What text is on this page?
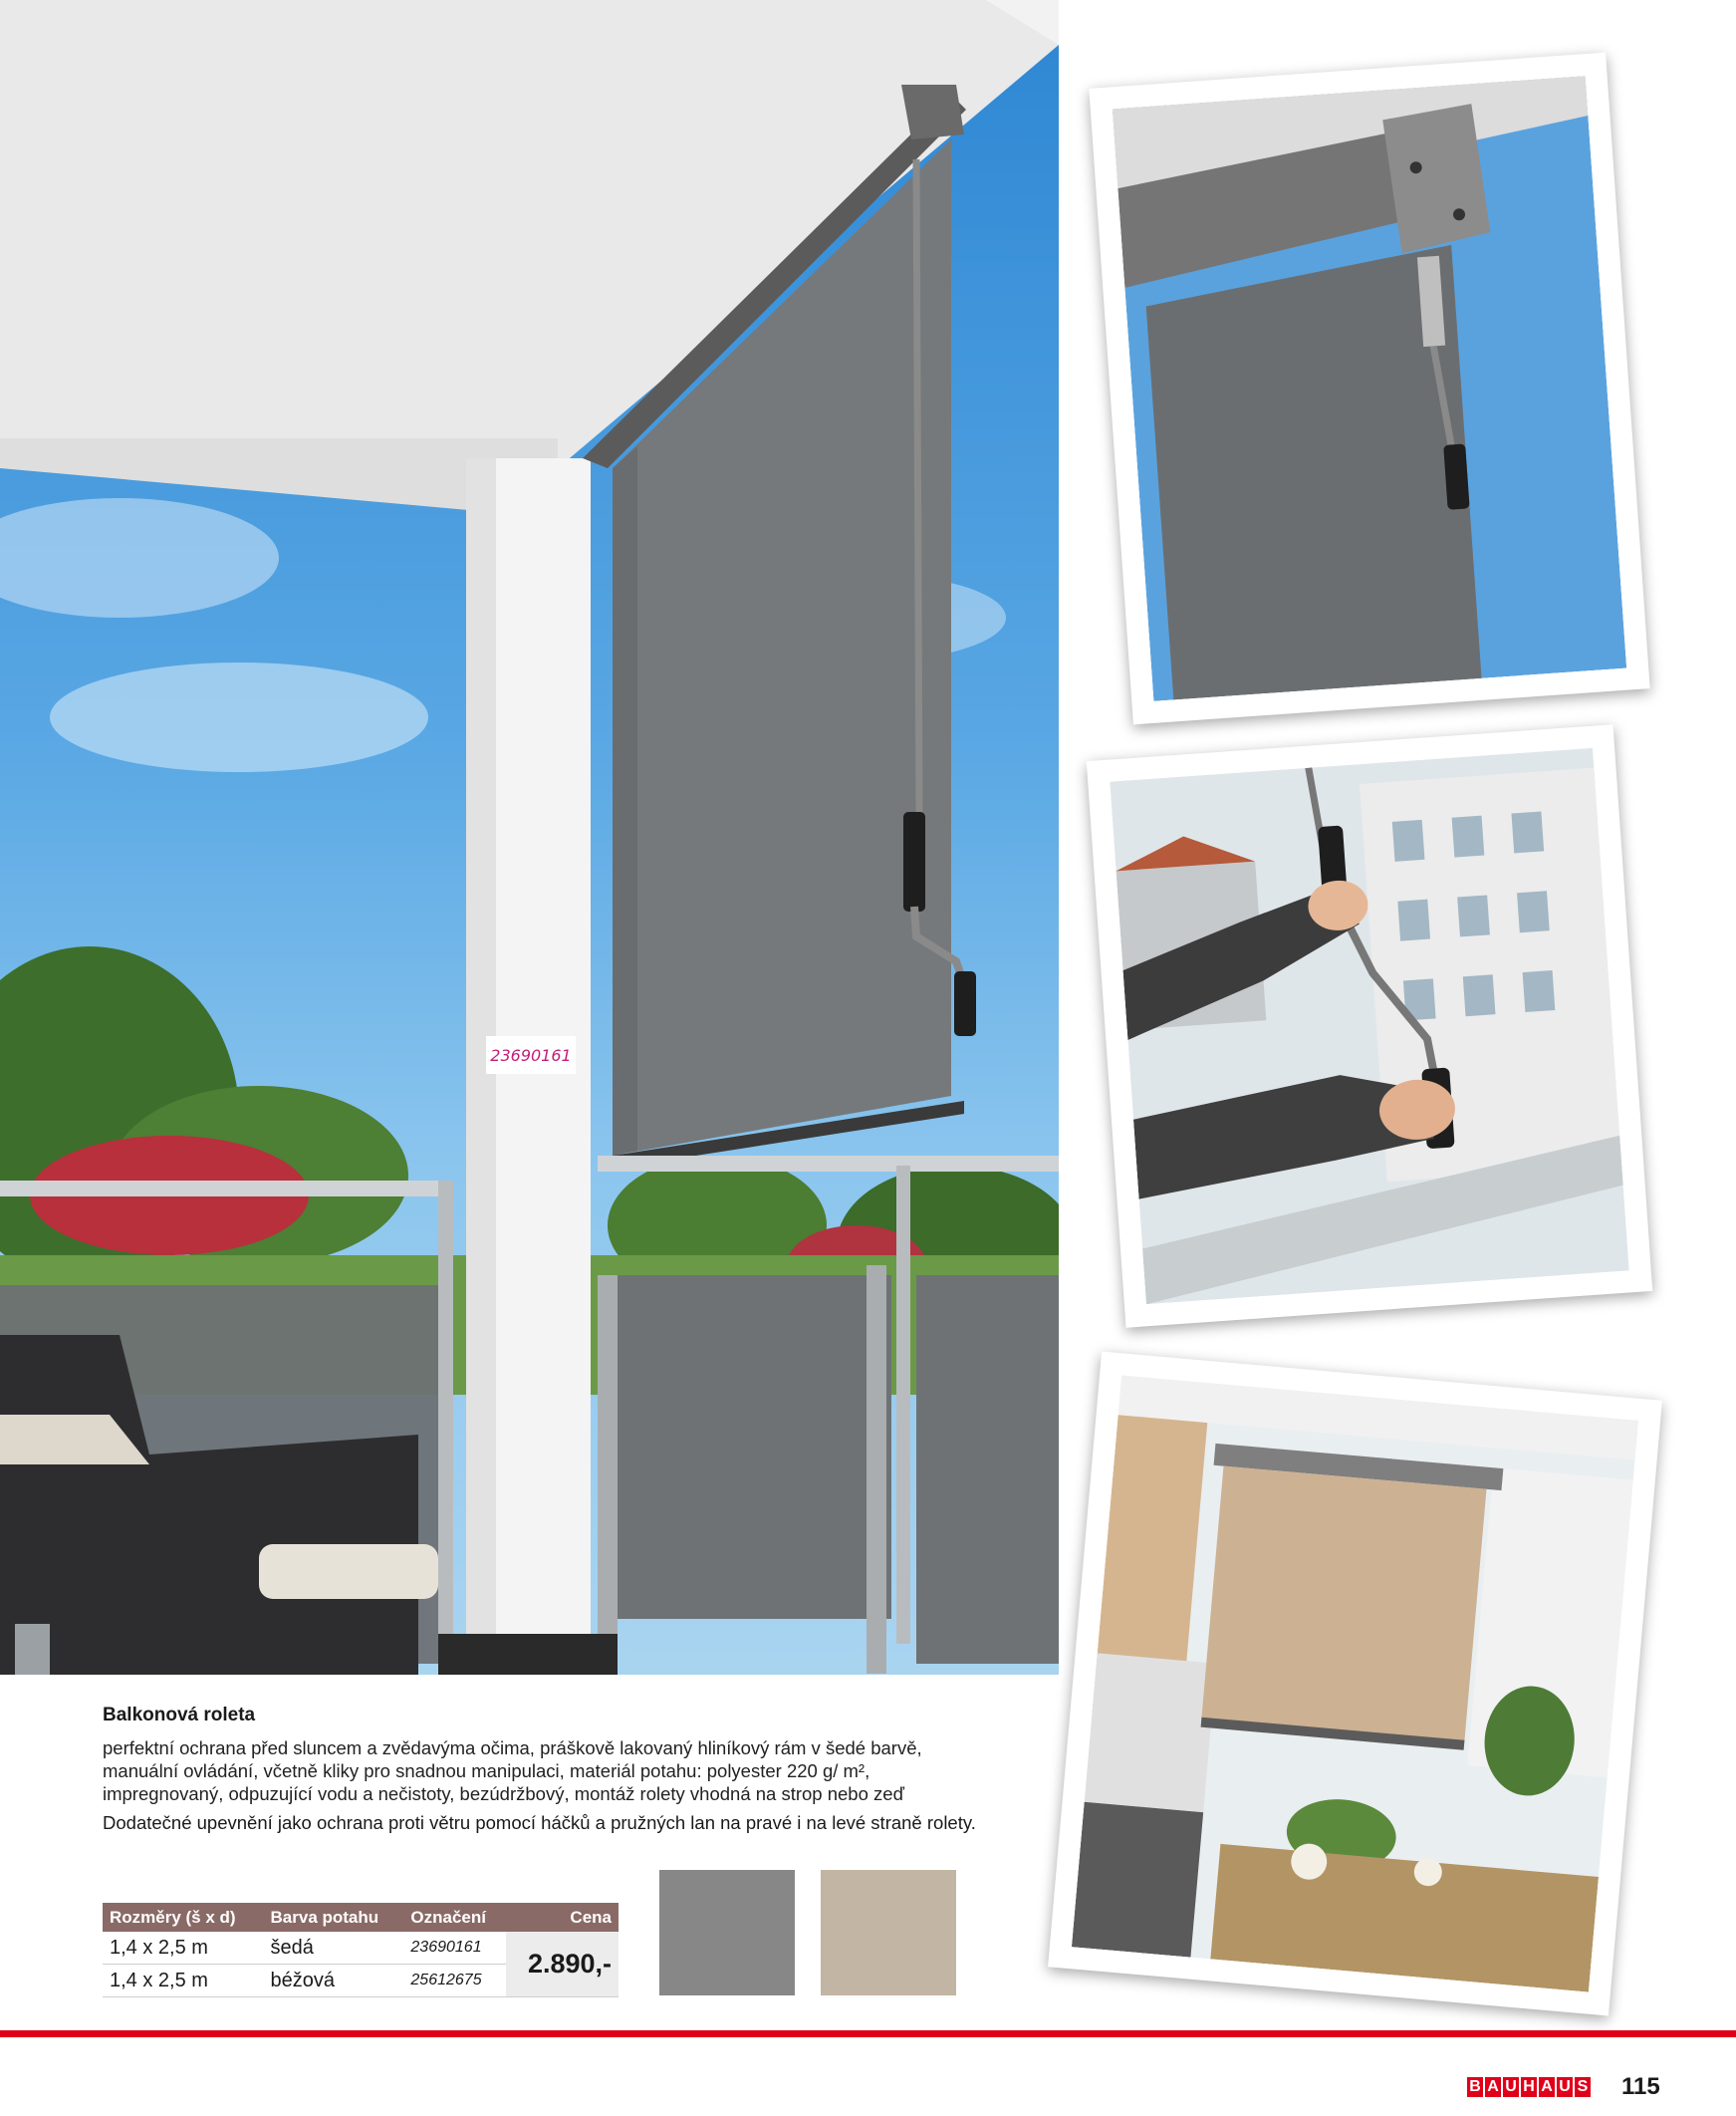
23690161
Balkonová roleta

perfektní ochrana před sluncem a zvědavýma očima, práškově lakovaný hliníkový rám v šedé barvě,
manuální ovládání, včetně kliky pro snadnou manipulaci, materiál potahu: polyester 220 g/ m²,
impregnovaný, odpuzující vodu a nečistoty, bezúdržbový, montáž rolety vhodná na strop nebo zeď

Dodatečné upevnění jako ochrana proti větru pomocí háčků a pružných lan na pravé i na levé straně rolety.
Rozměry (š x d)	Barva potahu	Označení	Cena
1,4 x 2,5 m	šedá	23690161	2.890,-
1,4 x 2,5 m	béžová	25612675	
B A U H A U S 115
